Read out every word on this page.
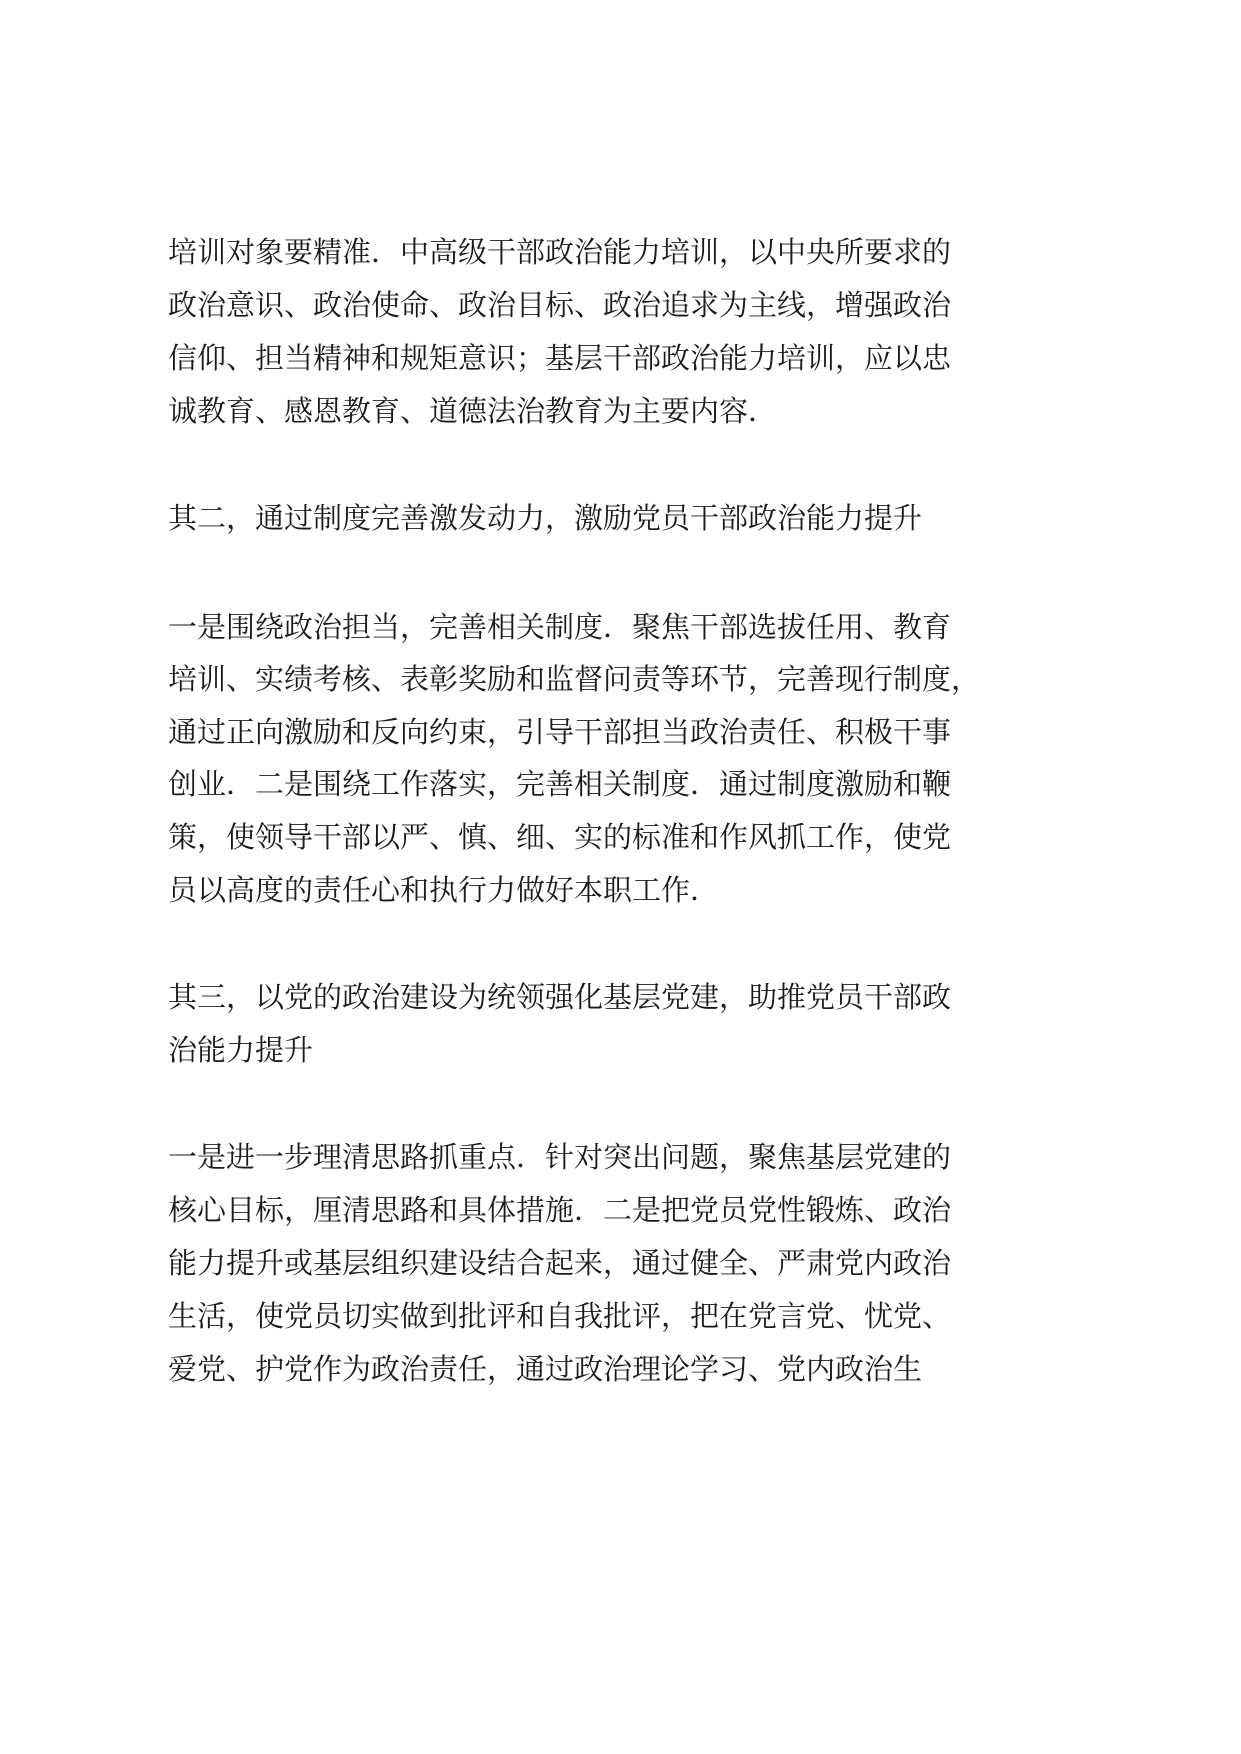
培训对象要精准．中高级干部政治能力培训，以中央所要求的

政治意识、政治使命、政治目标、政治追求为主线，增强政治

信仰、担当精神和规矩意识；基层干部政治能力培训，应以忠

诚教育、感恩教育、道德法治教育为主要内容．

其二，通过制度完善激发动力，激励党员干部政治能力提升

一是围绕政治担当，完善相关制度．聚焦干部选拔任用、教育

培训、实绩考核、表彰奖励和监督问责等环节，完善现行制度，

通过正向激励和反向约束，引导干部担当政治责任、积极干事

创业．二是围绕工作落实，完善相关制度．通过制度激励和鞭

策，使领导干部以严、慎、细、实的标准和作风抓工作，使党

员以高度的责任心和执行力做好本职工作．

其三，以党的政治建设为统领强化基层党建，助推党员干部政

治能力提升

一是进一步理清思路抓重点．针对突出问题，聚焦基层党建的

核心目标，厘清思路和具体措施．二是把党员党性锻炼、政治

能力提升或基层组织建设结合起来，通过健全、严肃党内政治

生活，使党员切实做到批评和自我批评，把在党言党、忧党、

爱党、护党作为政治责任，通过政治理论学习、党内政治生
